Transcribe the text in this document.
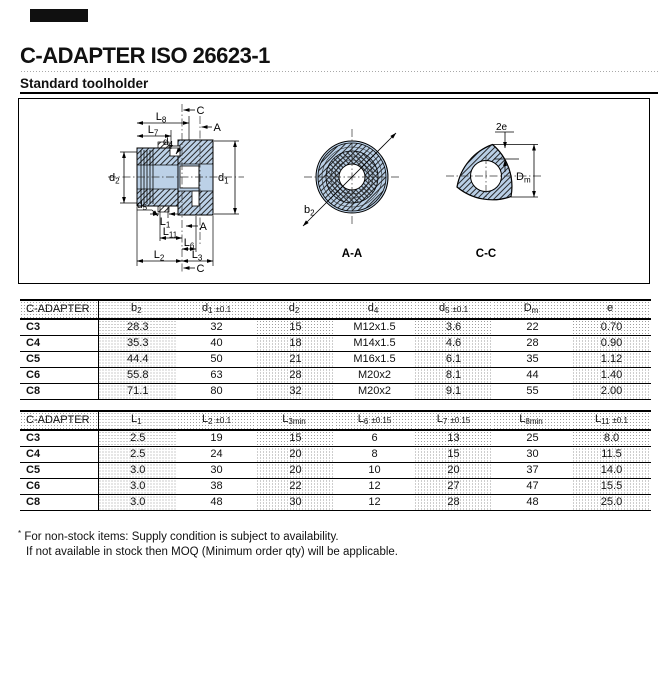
C-ADAPTER ISO 26623-1
Standard toolholder
C
$L_8$
A
$L_7$
$d_4$
$d_2$	$d_1$
$d_5$
$L_1$
$L_{11}$
A
$L_6$
$L_2$ $L_3$
C
$b_2$
A-A
2e
$D_m$
C-C
C-ADAPTER	$b_2$	$d_1 \pm 0.1$	$d_2$	$d_4$	$d_5 \pm 0.1$	$D_m$	e
C3	28.3	32	15	M12x1.5	3.6	22	0.70
C4	35.3	40	18	M14x1.5	4.6	28	0.90
C5	44.4	50	21	M16x1.5	6.1	35	1.12
C6	55.8	63	28	M20x2	8.1	44	1.40
C8	71.1	80	32	M20x2	9.1	55	2.00
C-ADAPTER	$L_1$	$L_2 \pm 0.1$	$L_{3min}$	$L_6 \pm 0.15$	$L_7 \pm 0.15$	$L_{8min}$	$L_{11} \pm 0.1$
C3	2.5	19	15	6	13	25	8.0
C4	2.5	24	20	8	15	30	11.5
C5	3.0	30	20	10	20	37	14.0
C6	3.0	38	22	12	27	47	15.5
C8	3.0	48	30	12	28	48	25.0
* For non-stock items: Supply condition is subject to availability.
If not available in stock then MOQ (Minimum order qty) will be applicable.
